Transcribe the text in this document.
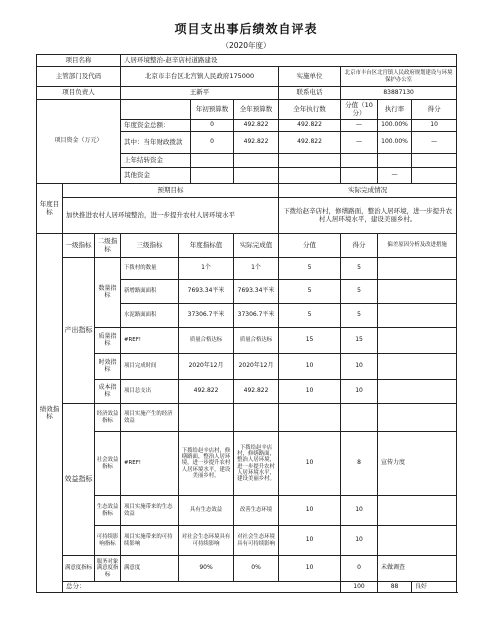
项目支出事后绩效自评表
（2020年度）
项目名称			人居环境整治-赵辛店村道路建设							
主管部门及代码			北京市丰台区北宫镇人民政府175000				实施单位	北京市丰台区北宫镇人民政府规划建设与环境保护办公室		
项目负责人			王新平				联系电话	83887130		
项目资金（万元）					年初预算数	全年预算数	全年执行数	分值（10分）	执行率	得分
			年度资金总额：		0	492.822	492.822	—	100.00%	10
			其中：当年财政拨款		0	492.822	492.822	—	100.00%	—
			上年结转资金							
			其他资金						—	
年度目标	预期目标						实际完成情况			
	加快推进农村人居环境整治，进一步提升农村人居环境水平						下拨给赵辛店村，修缮路面，整治人居环境，进一步提升农村人居环境水平，建设美丽乡村。			
绩效指标	一级指标	二级指标	三级指标	年度指标值		实际完成值	分值	得分	偏差原因分析及改进措施	
	产出指标	数量指标	下拨村的数量	1个		1个	5	5		
			新增路面面积	7693.34平米		7693.34平米	5	5		
			水泥路面面积	37306.7平米		37306.7平米	5	5		
		质量指标	#REF!	质量合格达标		质量合格达标	15	15		
		时效指标	项目完成时间	2020年12月		2020年12月	10	10		
		成本指标	项目总支出	492.822		492.822	10	10		
	效益指标	经济效益指标	项目实施产生的经济效益							
		社会效益指标	#REF!	下拨给赵辛店村，修缮路面，整治人居环境，进一步提升农村人居环境水平，建设美丽乡村。		下拨给赵辛店村，修缮路面，整治人居环境，进一步提升农村人居环境水平，建设美丽乡村。	10	8	宣传力度	
		生态效益指标	项目实施带来的生态效益	具有生态效益		改善生态环境	10	10		
		可持续影响指标	项目实施带来的可持续影响	对社会生态环境具有可持续影响		对社会生态环境具有可持续影响	10	10		
	满意度指标	服务对象满意度指标	满意度	90%		0%	10	0	未做调查	
	总分：							100	88	良好
